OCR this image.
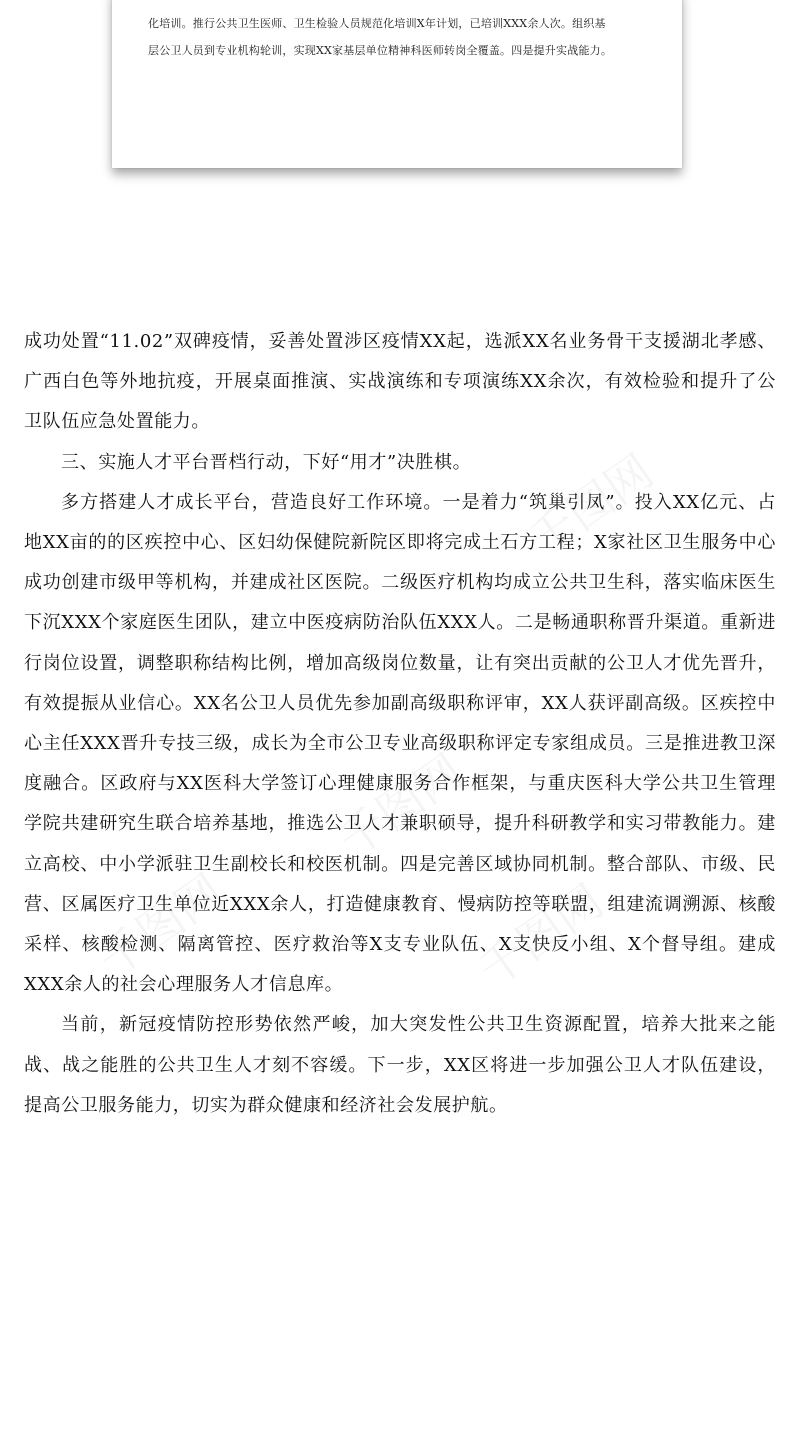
化培训。推行公共卫生医师、卫生检验人员规范化培训X年计划，已培训XXX余人次。组织基
层公卫人员到专业机构轮训，实现XX家基层单位精神科医师转岗全覆盖。四是提升实战能力。

成功处置“11.02”双碑疫情，妥善处置涉区疫情XX起，选派XX名业务骨干支援湖北孝感、广西白色等外地抗疫，开展桌面推演、实战演练和专项演练XX余次，有效检验和提升了公卫队伍应急处置能力。

三、实施人才平台晋档行动，下好“用才”决胜棋。

多方搭建人才成长平台，营造良好工作环境。一是着力“筑巢引凤”。投入XX亿元、占地XX亩的的区疾控中心、区妇幼保健院新院区即将完成土石方工程；X家社区卫生服务中心成功创建市级甲等机构，并建成社区医院。二级医疗机构均成立公共卫生科，落实临床医生下沉XXX个家庭医生团队，建立中医疫病防治队伍XXX人。二是畅通职称晋升渠道。重新进行岗位设置，调整职称结构比例，增加高级岗位数量，让有突出贡献的公卫人才优先晋升，有效提振从业信心。XX名公卫人员优先参加副高级职称评审，XX人获评副高级。区疾控中心主任XXX晋升专技三级，成长为全市公卫专业高级职称评定专家组成员。三是推进教卫深度融合。区政府与XX医科大学签订心理健康服务合作框架，与重庆医科大学公共卫生管理学院共建研究生联合培养基地，推选公卫人才兼职硕导，提升科研教学和实习带教能力。建立高校、中小学派驻卫生副校长和校医机制。四是完善区域协同机制。整合部队、市级、民营、区属医疗卫生单位近XXX余人，打造健康教育、慢病防控等联盟，组建流调溯源、核酸采样、核酸检测、隔离管控、医疗救治等X支专业队伍、X支快反小组、X个督导组。建成XXX余人的社会心理服务人才信息库。

当前，新冠疫情防控形势依然严峻，加大突发性公共卫生资源配置，培养大批来之能战、战之能胜的公共卫生人才刻不容缓。下一步，XX区将进一步加强公卫人才队伍建设，提高公卫服务能力，切实为群众健康和经济社会发展护航。
